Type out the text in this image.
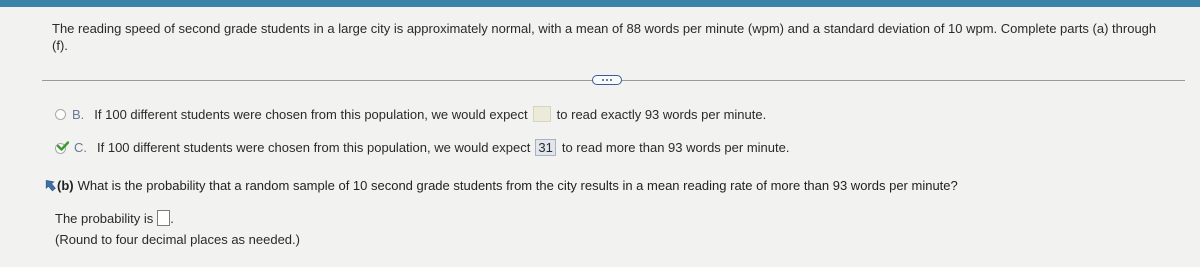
The reading speed of second grade students in a large city is approximately normal, with a mean of 88 words per minute (wpm) and a standard deviation of 10 wpm. Complete parts (a) through (f).
B. If 100 different students were chosen from this population, we would expect to read exactly 93 words per minute.
C. If 100 different students were chosen from this population, we would expect 31 to read more than 93 words per minute.
(b) What is the probability that a random sample of 10 second grade students from the city results in a mean reading rate of more than 93 words per minute?
The probability is .
(Round to four decimal places as needed.)
